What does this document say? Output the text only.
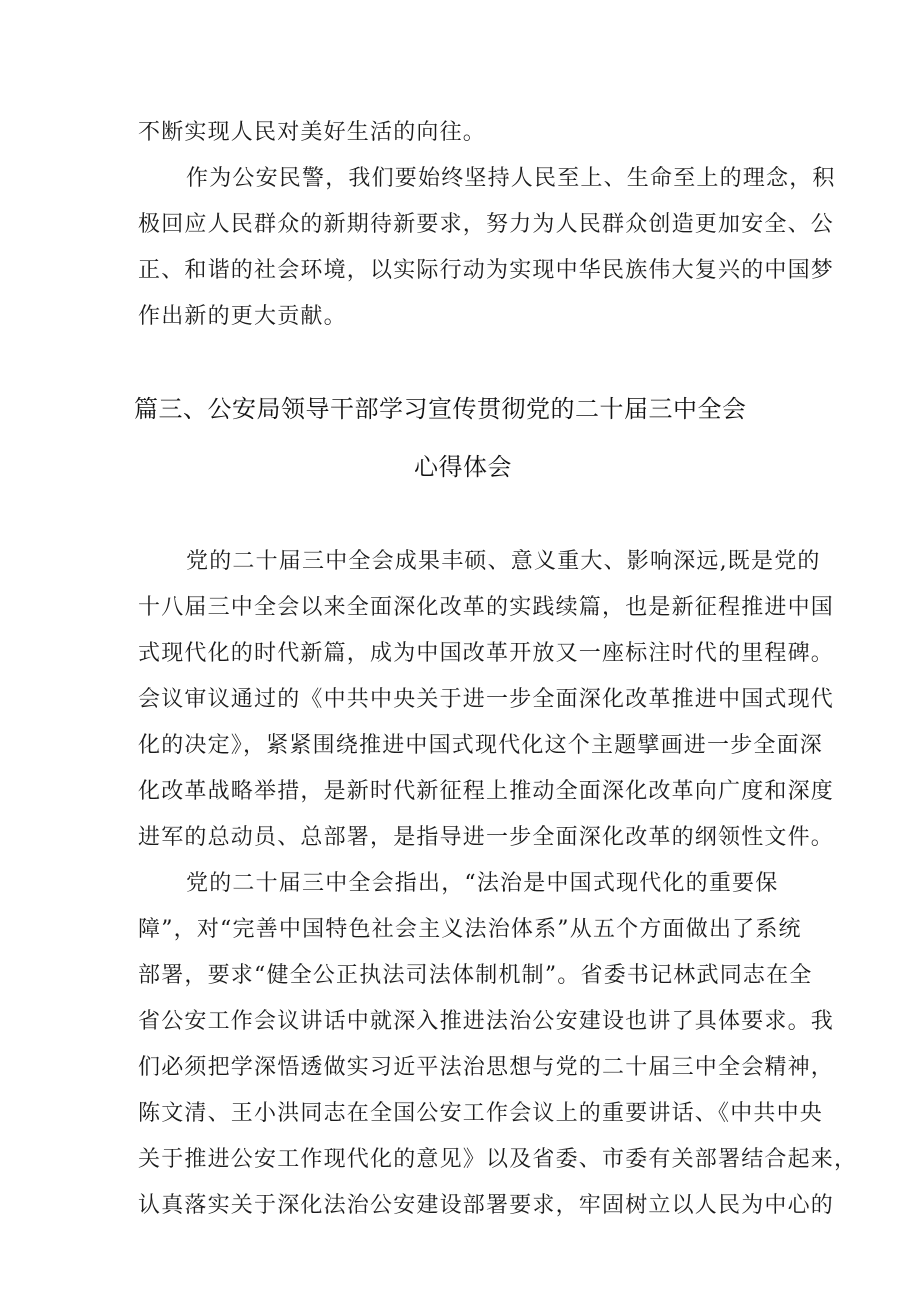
不断实现人民对美好生活的向往。
作为公安民警，我们要始终坚持人民至上、生命至上的理念，积
极回应人民群众的新期待新要求，努力为人民群众创造更加安全、公
正、和谐的社会环境，以实际行动为实现中华民族伟大复兴的中国梦
作出新的更大贡献。
篇三、公安局领导干部学习宣传贯彻党的二十届三中全会
心得体会
党的二十届三中全会成果丰硕、意义重大、影响深远,既是党的
十八届三中全会以来全面深化改革的实践续篇，也是新征程推进中国
式现代化的时代新篇，成为中国改革开放又一座标注时代的里程碑。
会议审议通过的《中共中央关于进一步全面深化改革推进中国式现代
化的决定》，紧紧围绕推进中国式现代化这个主题擘画进一步全面深
化改革战略举措，是新时代新征程上推动全面深化改革向广度和深度
进军的总动员、总部署，是指导进一步全面深化改革的纲领性文件。
党的二十届三中全会指出，“法治是中国式现代化的重要保
障”，对“完善中国特色社会主义法治体系”从五个方面做出了系统
部署，要求“健全公正执法司法体制机制”。省委书记林武同志在全
省公安工作会议讲话中就深入推进法治公安建设也讲了具体要求。我
们必须把学深悟透做实习近平法治思想与党的二十届三中全会精神，
陈文清、王小洪同志在全国公安工作会议上的重要讲话、《中共中央
关于推进公安工作现代化的意见》以及省委、市委有关部署结合起来，
认真落实关于深化法治公安建设部署要求，牢固树立以人民为中心的
